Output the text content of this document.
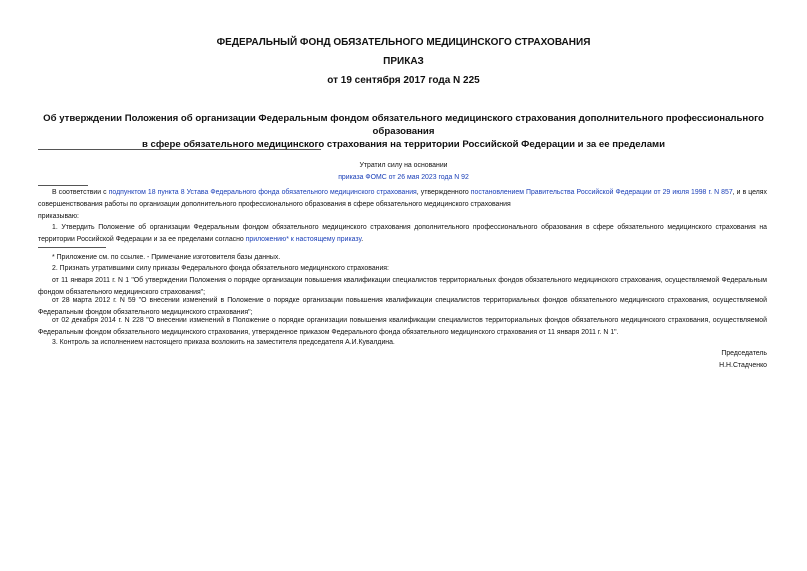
ФЕДЕРАЛЬНЫЙ ФОНД ОБЯЗАТЕЛЬНОГО МЕДИЦИНСКОГО СТРАХОВАНИЯ
ПРИКАЗ
от 19 сентября 2017 года N 225
Об утверждении Положения об организации Федеральным фондом обязательного медицинского страхования дополнительного профессионального образования
в сфере обязательного медицинского страхования на территории Российской Федерации и за ее пределами
Утратил силу на основании
приказа ФОМС от 26 мая 2023 года N 92
В соответствии с подпунктом 18 пункта 8 Устава Федерального фонда обязательного медицинского страхования, утвержденного постановлением Правительства Российской Федерации от 29 июля 1998 г. N 857, и в целях совершенствования работы по организации дополнительного профессионального образования в сфере обязательного медицинского страхования
приказываю:
1. Утвердить Положение об организации Федеральным фондом обязательного медицинского страхования дополнительного профессионального образования в сфере обязательного медицинского страхования на территории Российской Федерации и за ее пределами согласно приложению* к настоящему приказу.
* Приложение см. по ссылке. - Примечание изготовителя базы данных.
2. Признать утратившими силу приказы Федерального фонда обязательного медицинского страхования:
от 11 января 2011 г. N 1 "Об утверждении Положения о порядке организации повышения квалификации специалистов территориальных фондов обязательного медицинского страхования, осуществляемой Федеральным фондом обязательного медицинского страхования";
от 28 марта 2012 г. N 59 "О внесении изменений в Положение о порядке организации повышения квалификации специалистов территориальных фондов обязательного медицинского страхования, осуществляемой Федеральным фондом обязательного медицинского страхования";
от 02 декабря 2014 г. N 228 "О внесении изменений в Положение о порядке организации повышения квалификации специалистов территориальных фондов обязательного медицинского страхования, осуществляемой Федеральным фондом обязательного медицинского страхования, утвержденное приказом Федерального фонда обязательного медицинского страхования от 11 января 2011 г. N 1".
3. Контроль за исполнением настоящего приказа возложить на заместителя председателя А.И.Кувалдина.
Председатель
Н.Н.Стадченко
